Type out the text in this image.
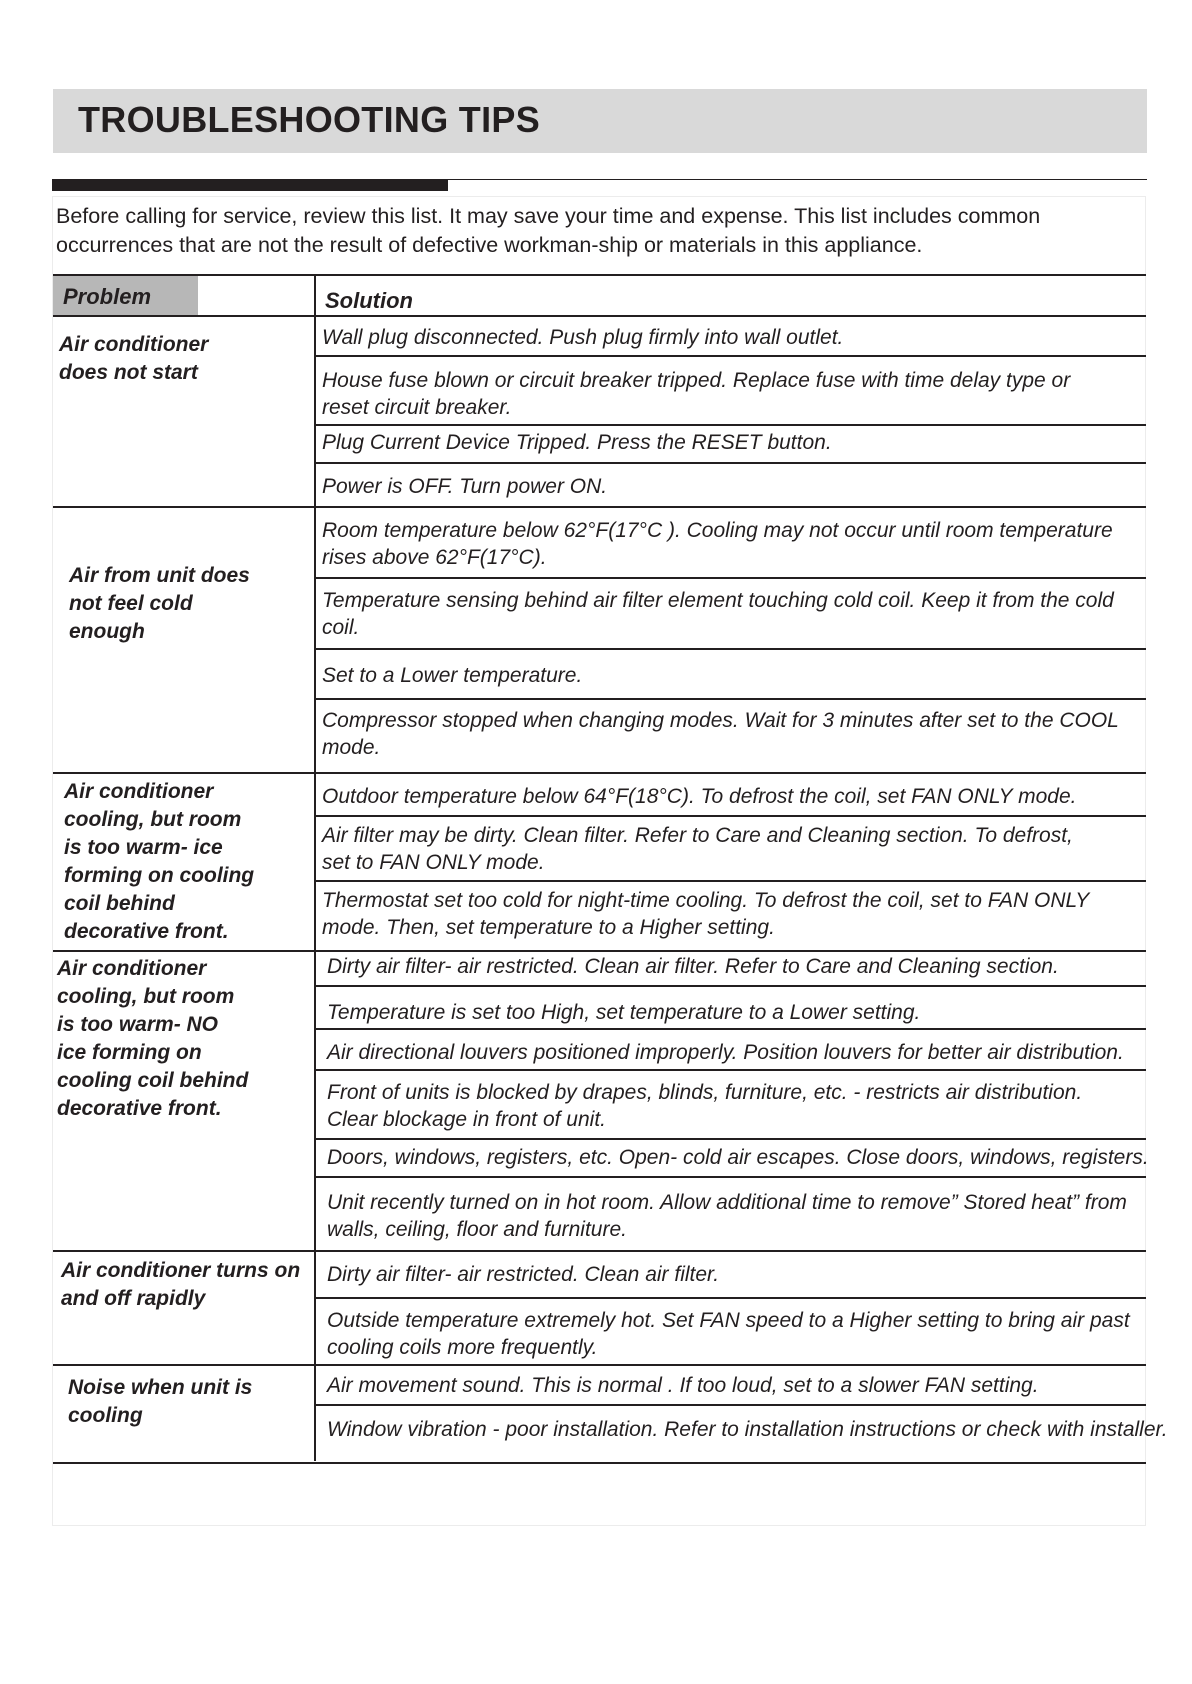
TROUBLESHOOTING TIPS
Before calling for service, review this list. It may save your time and expense. This list includes common
occurrences that are not the result of defective workman-ship or materials in this appliance.
Problem	Solution
Air conditioner
does not start
Air from unit does
not feel cold
enough
Air conditioner
cooling, but room
is too warm- ice
forming on cooling
coil behind
decorative front.
Air conditioner
cooling, but room
is too warm- NO
ice forming on
cooling coil behind
decorative front.
Air conditioner turns on
and off rapidly
Noise when unit is
cooling
Wall plug disconnected. Push plug firmly into wall outlet.
House fuse blown or circuit breaker tripped. Replace fuse with time delay type or
reset circuit breaker.
Plug Current Device Tripped. Press the RESET button.
Power is OFF. Turn power ON.
Room temperature below 62°F(17°C ). Cooling may not occur until room temperature
rises above 62°F(17°C).
Temperature sensing behind air filter element touching cold coil. Keep it from the cold
coil.
Set to a Lower temperature.
Compressor stopped when changing modes. Wait for 3 minutes after set to the COOL
mode.
Outdoor temperature below 64°F(18°C). To defrost the coil, set FAN ONLY mode.
Air filter may be dirty. Clean filter. Refer to Care and Cleaning section. To defrost,
set to FAN ONLY mode.
Thermostat set too cold for night-time cooling. To defrost the coil, set to FAN ONLY
mode. Then, set temperature to a Higher setting.
Dirty air filter- air restricted. Clean air filter. Refer to Care and Cleaning section.
Temperature is set too High, set temperature to a Lower setting.
Air directional louvers positioned improperly. Position louvers for better air distribution.
Front of units is blocked by drapes, blinds, furniture, etc. - restricts air distribution.
Clear blockage in front of unit.
Doors, windows, registers, etc. Open- cold air escapes. Close doors, windows, registers.
Unit recently turned on in hot room. Allow additional time to remove” Stored heat” from
walls, ceiling, floor and furniture.
Dirty air filter- air restricted. Clean air filter.
Outside temperature extremely hot. Set FAN speed to a Higher setting to bring air past
cooling coils more frequently.
Air movement sound. This is normal . If too loud, set to a slower FAN setting.
Window vibration - poor installation. Refer to installation instructions or check with installer.
